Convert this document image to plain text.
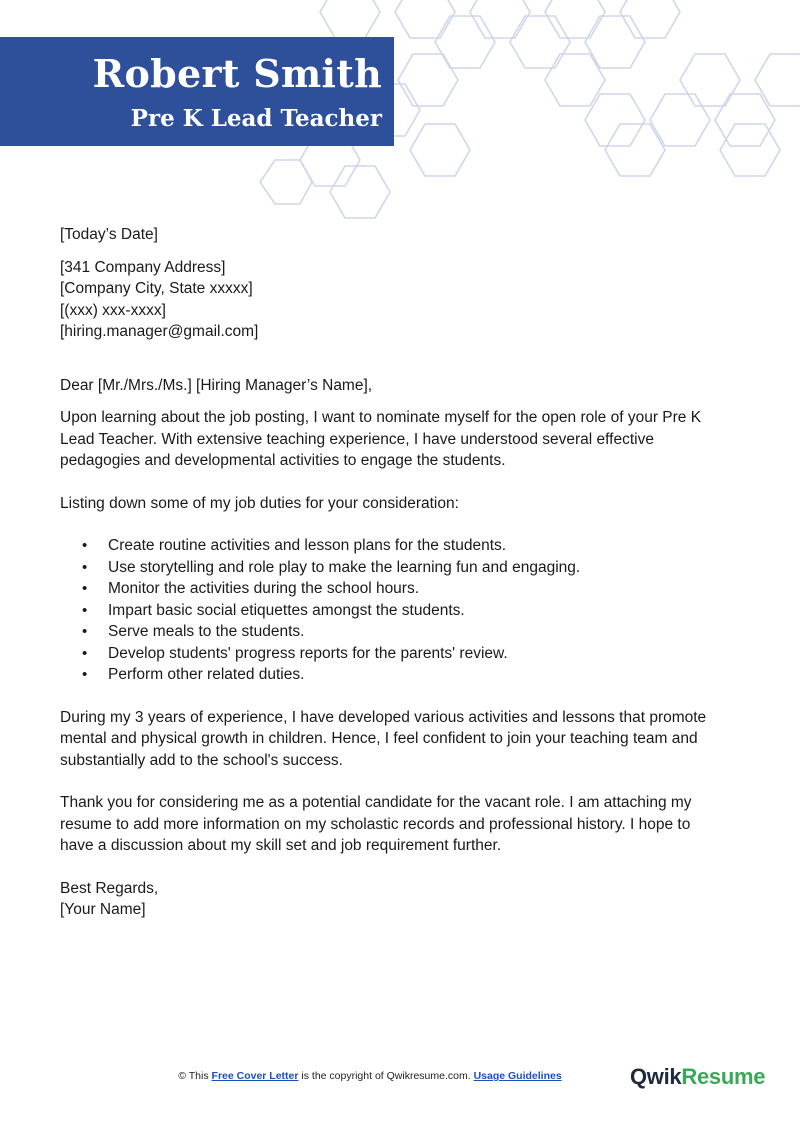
Robert Smith
Pre K Lead Teacher

[Today’s Date]

[341 Company Address]

[Company City, State xxxxx]

[(xxx) xxx-xxxx]

[hiring.manager@gmail.com]

Dear [Mr./Mrs./Ms.] [Hiring Manager’s Name],

Upon learning about the job posting, I want to nominate myself for the open role of your Pre K

Lead Teacher. With extensive teaching experience, I have understood several effective

pedagogies and developmental activities to engage the students.

Listing down some of my job duties for your consideration:

• Create routine activities and lesson plans for the students.
• Use storytelling and role play to make the learning fun and engaging.
• Monitor the activities during the school hours.
• Impart basic social etiquettes amongst the students.
• Serve meals to the students.
• Develop students' progress reports for the parents' review.
• Perform other related duties.

During my 3 years of experience, I have developed various activities and lessons that promote

mental and physical growth in children. Hence, I feel confident to join your teaching team and

substantially add to the school's success.

Thank you for considering me as a potential candidate for the vacant role. I am attaching my

resume to add more information on my scholastic records and professional history. I hope to

have a discussion about my skill set and job requirement further.

Best Regards,

[Your Name]

© This Free Cover Letter is the copyright of Qwikresume.com. Usage Guidelines	QwikResume
